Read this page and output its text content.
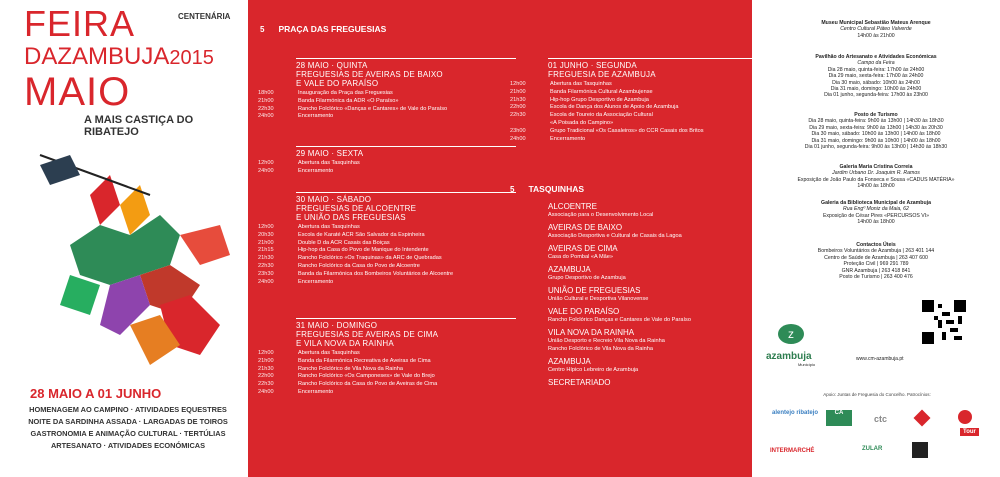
FEIRA	CENTENÁRIA
DAZAMBUJA2015
MAIO
A MAIS CASTIÇA DO RIBATEJO
28 MAIO A 01 JUNHO
HOMENAGEM AO CAMPINO · ATIVIDADES EQUESTRES
NOITE DA SARDINHA ASSADA · LARGADAS DE TOIROS
GASTRONOMIA E ANIMAÇÃO CULTURAL · TERTÚLIAS
ARTESANATO · ATIVIDADES ECONÓMICAS
5 PRAÇA DAS FREGUESIAS
28 MAIO · QUINTA
FREGUESIAS DE AVEIRAS DE BAIXO
E VALE DO PARAÍSO
18h00	Inauguração da Praça das Freguesias
21h00	Banda Filarmónica da ADR «O Paraíso»
22h30	Rancho Folclórico «Danças e Cantares» de Vale do Paraíso
24h00	Encerramento
29 MAIO · SEXTA
12h00	Abertura das Tasquinhas
24h00	Encerramento
30 MAIO · SÁBADO
FREGUESIAS DE ALCOENTRE
E UNIÃO DAS FREGUESIAS
12h00	Abertura das Tasquinhas
20h30	Escola de Karaté ACR São Salvador da Espinheira
21h00	Double D da ACR Casais das Boiças
21h15	Hip-hop da Casa do Povo de Manique do Intendente
21h30	Rancho Folclórico «Os Traquinas» da ARC de Quebradas
22h30	Rancho Folclórico da Casa do Povo de Alcoentre
23h30	Banda da Filarmónica dos Bombeiros Voluntários de Alcoentre
24h00	Encerramento
31 MAIO · DOMINGO
FREGUESIAS DE AVEIRAS DE CIMA
E VILA NOVA DA RAINHA
12h00	Abertura das Tasquinhas
21h00	Banda da Filarmónica Recreativa de Aveiras de Cima
21h30	Rancho Folclórico de Vila Nova da Rainha
22h00	Rancho Folclórico «Os Camponeses» de Vale do Brejo
22h30	Rancho Folclórico da Casa do Povo de Aveiras de Cima
24h00	Encerramento
01 JUNHO · SEGUNDA
FREGUESIA DE AZAMBUJA
12h00	Abertura das Tasquinhas
21h00	Banda Filarmónica Cultural Azambujense
21h30	Hip-hop Grupo Desportivo de Azambuja
22h00	Escola de Dança dos Alunos de Apoio de Azambuja
22h30	Escola de Toureio da Associação Cultural
«A Poisada do Campino»
23h00	Grupo Tradicional «Os Casaleiros» do CCR Casais dos Britos
24h00	Encerramento
5 TASQUINHAS
ALCOENTRE
Associação para o Desenvolvimento Local
AVEIRAS DE BAIXO
Associação Desportiva e Cultural de Casais da Lagoa
AVEIRAS DE CIMA
Casa do Pombal «A Mãe»
AZAMBUJA
Grupo Desportivo de Azambuja
UNIÃO DE FREGUESIAS
União Cultural e Desportiva Vilanovense
VALE DO PARAÍSO
Rancho Folclórico Danças e Cantares de Vale do Paraíso
VILA NOVA DA RAINHA
União Desporto e Recreio Vila Nova da Rainha
Rancho Folclórico de Vila Nova da Rainha
AZAMBUJA
Centro Hípico Lebreiro de Azambuja
SECRETARIADO
Museu Municipal Sebastião Mateus Arenque
Centro Cultural Páteo Valverde
14h00 às 21h00
Pavilhão do Artesanato e Atividades Económicas
Campo da Feira
Dia 28 maio, quinta-feira: 17h00 às 24h00
Dia 29 maio, sexta-feira: 17h00 às 24h00
Dia 30 maio, sábado: 10h00 às 24h00
Dia 31 maio, domingo: 10h00 às 24h00
Dia 01 junho, segunda-feira: 17h00 às 23h00
Posto de Turismo
Dia 28 maio, quinta-feira: 9h00 às 13h00 | 14h30 às 18h30
Dia 29 maio, sexta-feira: 9h00 às 13h00 | 14h30 às 20h30
Dia 30 maio, sábado: 10h00 às 13h00 | 14h00 às 18h00
Dia 31 maio, domingo: 9h00 às 10h00 | 14h00 às 18h00
Dia 01 junho, segunda-feira: 9h00 às 13h00 | 14h30 às 18h30
Galeria Maria Cristina Correia
Jardim Urbano Dr. Joaquim R. Ramos
Exposição de João Paulo da Fonseca e Sousa «CADUS MATÉRIA»
14h00 às 18h00
Galeria da Biblioteca Municipal de Azambuja
Rua Engº Moniz da Maia, 62
Exposição de César Pires «PERCURSOS VI»
14h00 às 18h00
Contactos Úteis
Bombeiros Voluntários de Azambuja | 263 401 144
Centro de Saúde de Azambuja | 263 407 600
Proteção Civil | 969 291 789
GNR Azambuja | 263 418 841
Posto de Turismo | 263 400 476
z
azambuja
Município
www.cm-azambuja.pt
Apoio: Juntas de Freguesia do Concelho. Patrocínios:
alentejo ribatejo	CA
ctc
INTERMARCHÉ	ZULAR
Tour
